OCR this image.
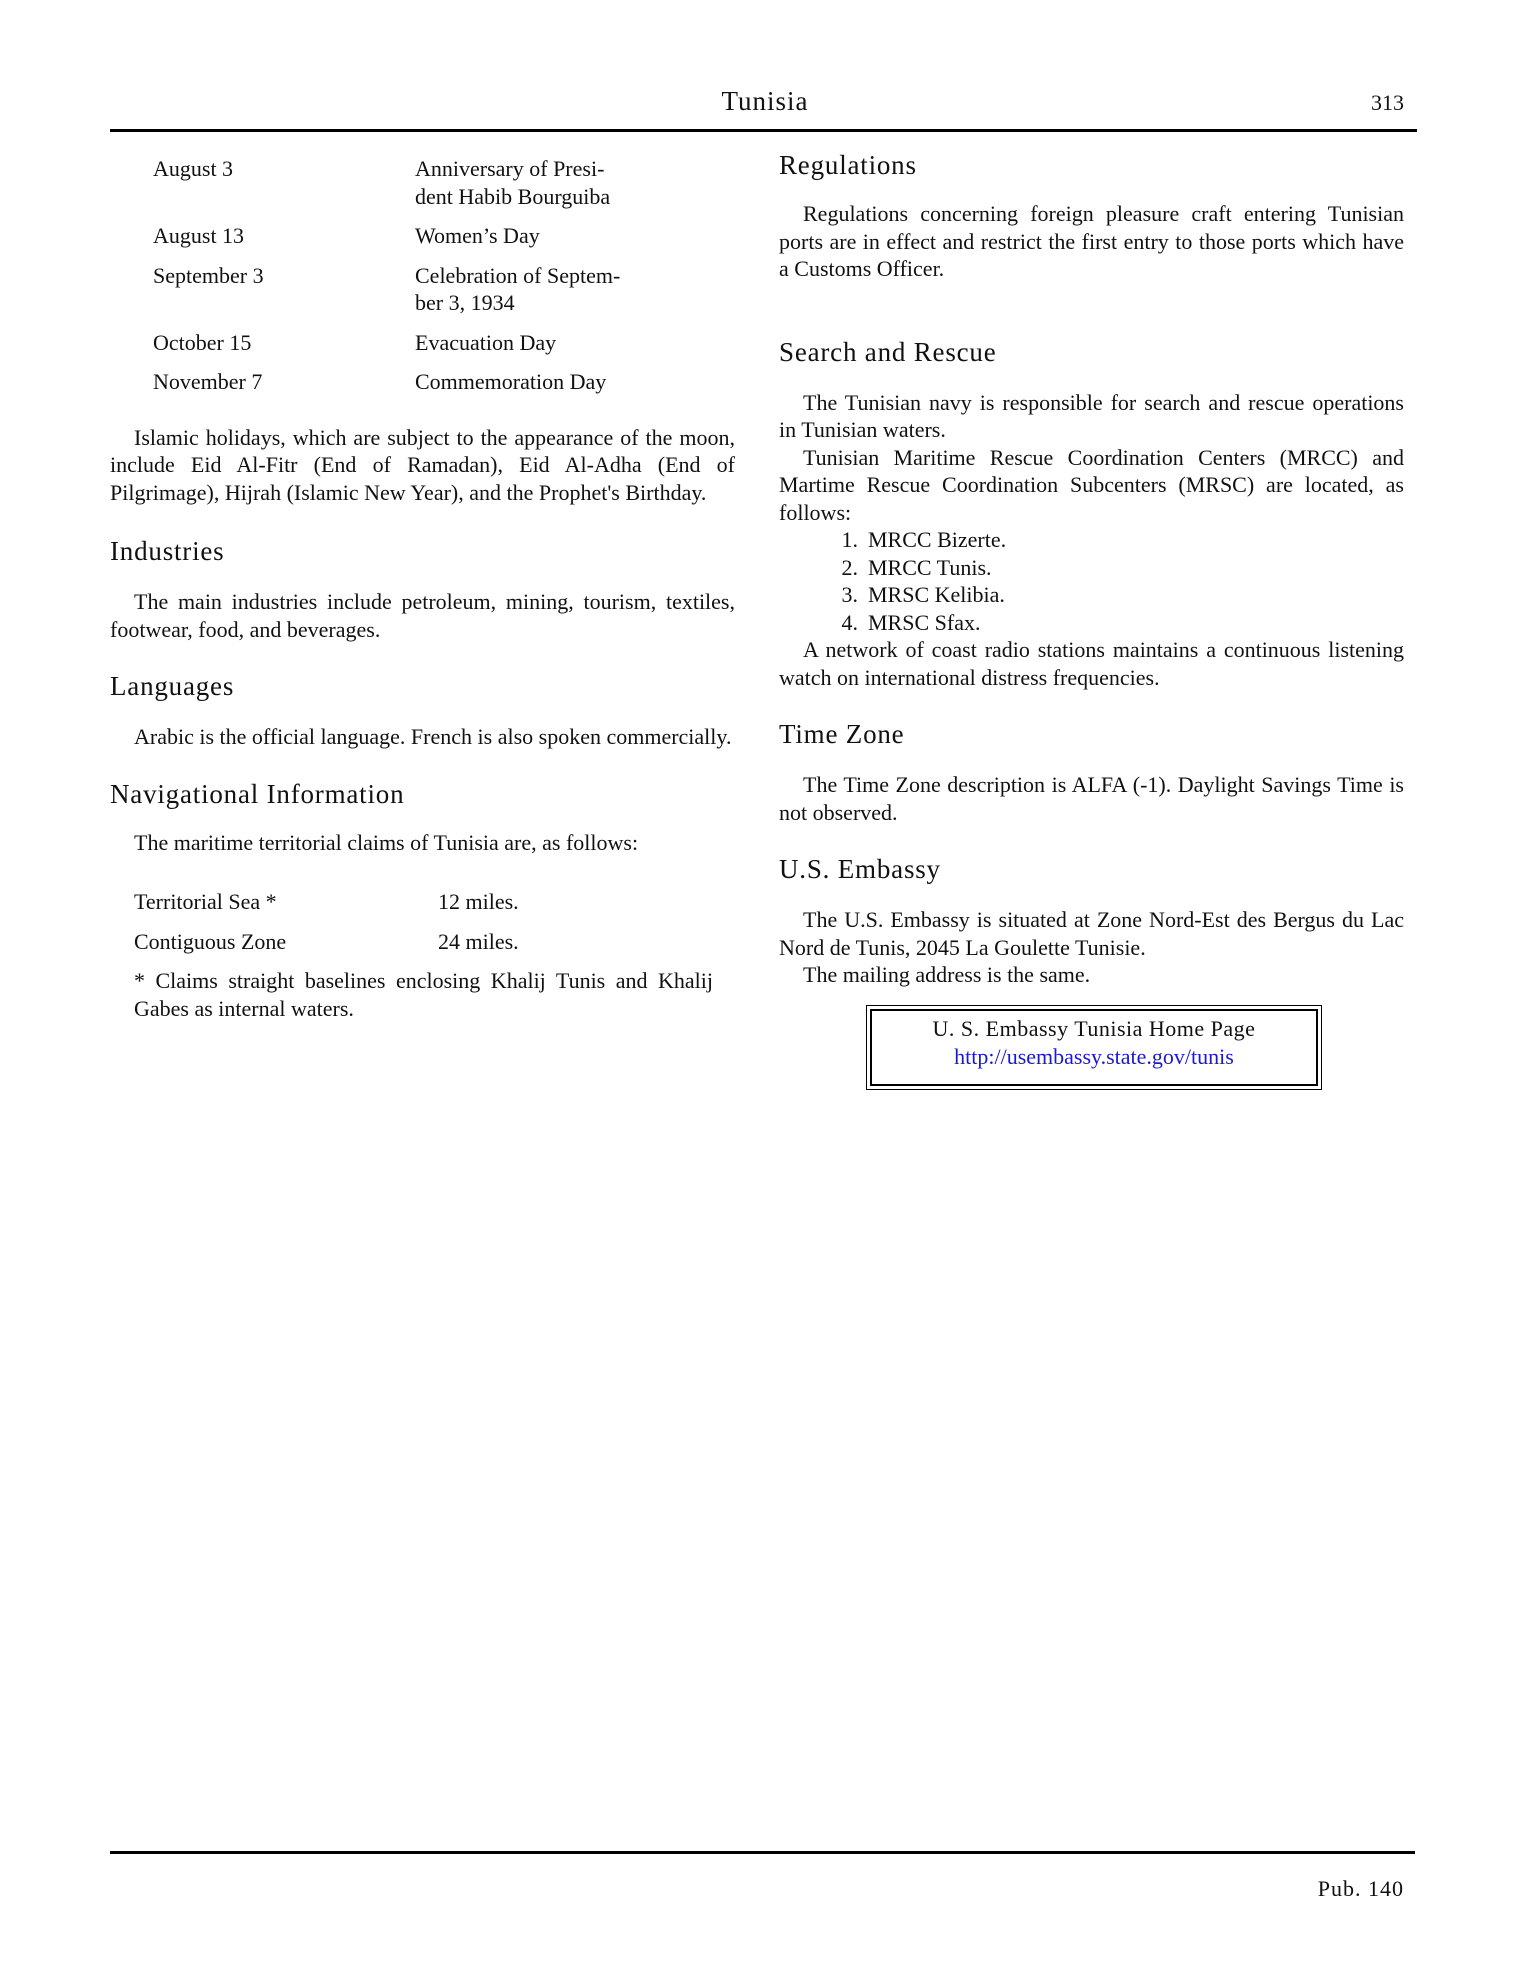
Tunisia	313
August 3	Anniversary of Presi-
dent Habib Bourguiba
August 13	Women’s Day
September 3	Celebration of Septem-
ber 3, 1934
October 15	Evacuation Day
November 7	Commemoration Day

Islamic holidays, which are subject to the appearance of the moon, include Eid Al-Fitr (End of Ramadan), Eid Al-Adha (End of Pilgrimage), Hijrah (Islamic New Year), and the Prophet's Birthday.

Industries

The main industries include petroleum, mining, tourism, textiles, footwear, food, and beverages.

Languages

Arabic is the official language. French is also spoken commercially.

Navigational Information

The maritime territorial claims of Tunisia are, as follows:

Territorial Sea *	12 miles.
Contiguous Zone	24 miles.

* Claims straight baselines enclosing Khalij Tunis and Khalij Gabes as internal waters.

Regulations

Regulations concerning foreign pleasure craft entering Tunisian ports are in effect and restrict the first entry to those ports which have a Customs Officer.

Search and Rescue

The Tunisian navy is responsible for search and rescue operations in Tunisian waters.

Tunisian Maritime Rescue Coordination Centers (MRCC) and Martime Rescue Coordination Subcenters (MRSC) are located, as follows:

1. MRCC Bizerte.
2. MRCC Tunis.
3. MRSC Kelibia.
4. MRSC Sfax.

A network of coast radio stations maintains a continuous listening watch on international distress frequencies.

Time Zone

The Time Zone description is ALFA (-1). Daylight Savings Time is not observed.

U.S. Embassy

The U.S. Embassy is situated at Zone Nord-Est des Bergus du Lac Nord de Tunis, 2045 La Goulette Tunisie.

The mailing address is the same.

U. S. Embassy Tunisia Home Page
http://usembassy.state.gov/tunis
Pub. 140
